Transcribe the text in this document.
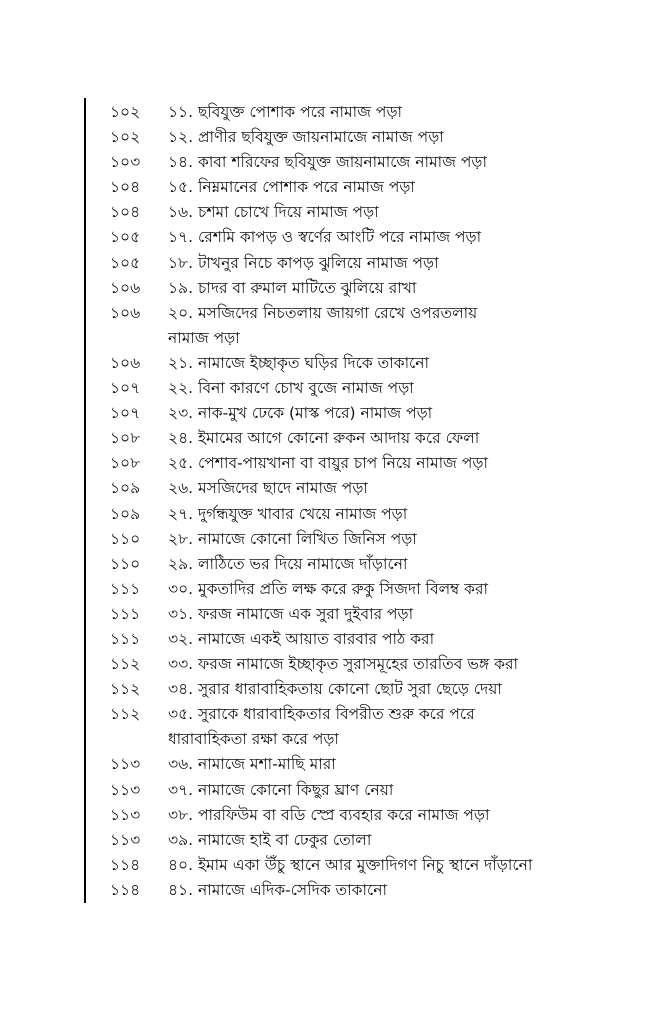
১০২	১১. ছবিযুক্ত পোশাক পরে নামাজ পড়া
১০২	১২. প্রাণীর ছবিযুক্ত জায়নামাজে নামাজ পড়া
১০৩	১৪. কাবা শরিফের ছবিযুক্ত জায়নামাজে নামাজ পড়া
১০৪	১৫. নিম্নমানের পোশাক পরে নামাজ পড়া
১০৪	১৬. চশমা চোখে দিয়ে নামাজ পড়া
১০৫	১৭. রেশমি কাপড় ও স্বর্ণের আংটি পরে নামাজ পড়া
১০৫	১৮. টাখনুর নিচে কাপড় ঝুলিয়ে নামাজ পড়া
১০৬	১৯. চাদর বা রুমাল মাটিতে ঝুলিয়ে রাখা
১০৬	২০. মসজিদের নিচতলায় জায়গা রেখে ওপরতলায়
নামাজ পড়া
১০৬	২১. নামাজে ইচ্ছাকৃত ঘড়ির দিকে তাকানো
১০৭	২২. বিনা কারণে চোখ বুজে নামাজ পড়া
১০৭	২৩. নাক-মুখ ঢেকে (মাস্ক পরে) নামাজ পড়া
১০৮	২৪. ইমামের আগে কোনো রুকন আদায় করে ফেলা
১০৮	২৫. পেশাব-পায়খানা বা বায়ুর চাপ নিয়ে নামাজ পড়া
১০৯	২৬. মসজিদের ছাদে নামাজ পড়া
১০৯	২৭. দুর্গন্ধযুক্ত খাবার খেয়ে নামাজ পড়া
১১০	২৮. নামাজে কোনো লিখিত জিনিস পড়া
১১০	২৯. লাঠিতে ভর দিয়ে নামাজে দাঁড়ানো
১১১	৩০. মুকতাদির প্রতি লক্ষ করে রুকু সিজদা বিলম্ব করা
১১১	৩১. ফরজ নামাজে এক সুরা দুইবার পড়া
১১১	৩২. নামাজে একই আয়াত বারবার পাঠ করা
১১২	৩৩. ফরজ নামাজে ইচ্ছাকৃত সুরাসমূহের তারতিব ভঙ্গ করা
১১২	৩৪. সুরার ধারাবাহিকতায় কোনো ছোট সুরা ছেড়ে দেয়া
১১২	৩৫. সুরাকে ধারাবাহিকতার বিপরীত শুরু করে পরে
ধারাবাহিকতা রক্ষা করে পড়া
১১৩	৩৬. নামাজে মশা-মাছি মারা
১১৩	৩৭. নামাজে কোনো কিছুর ঘ্রাণ নেয়া
১১৩	৩৮. পারফিউম বা বডি স্প্রে ব্যবহার করে নামাজ পড়া
১১৩	৩৯. নামাজে হাই বা ঢেকুর তোলা
১১৪	৪০. ইমাম একা উঁচু স্থানে আর মুক্তাদিগণ নিচু স্থানে দাঁড়ানো
১১৪	৪১. নামাজে এদিক-সেদিক তাকানো
